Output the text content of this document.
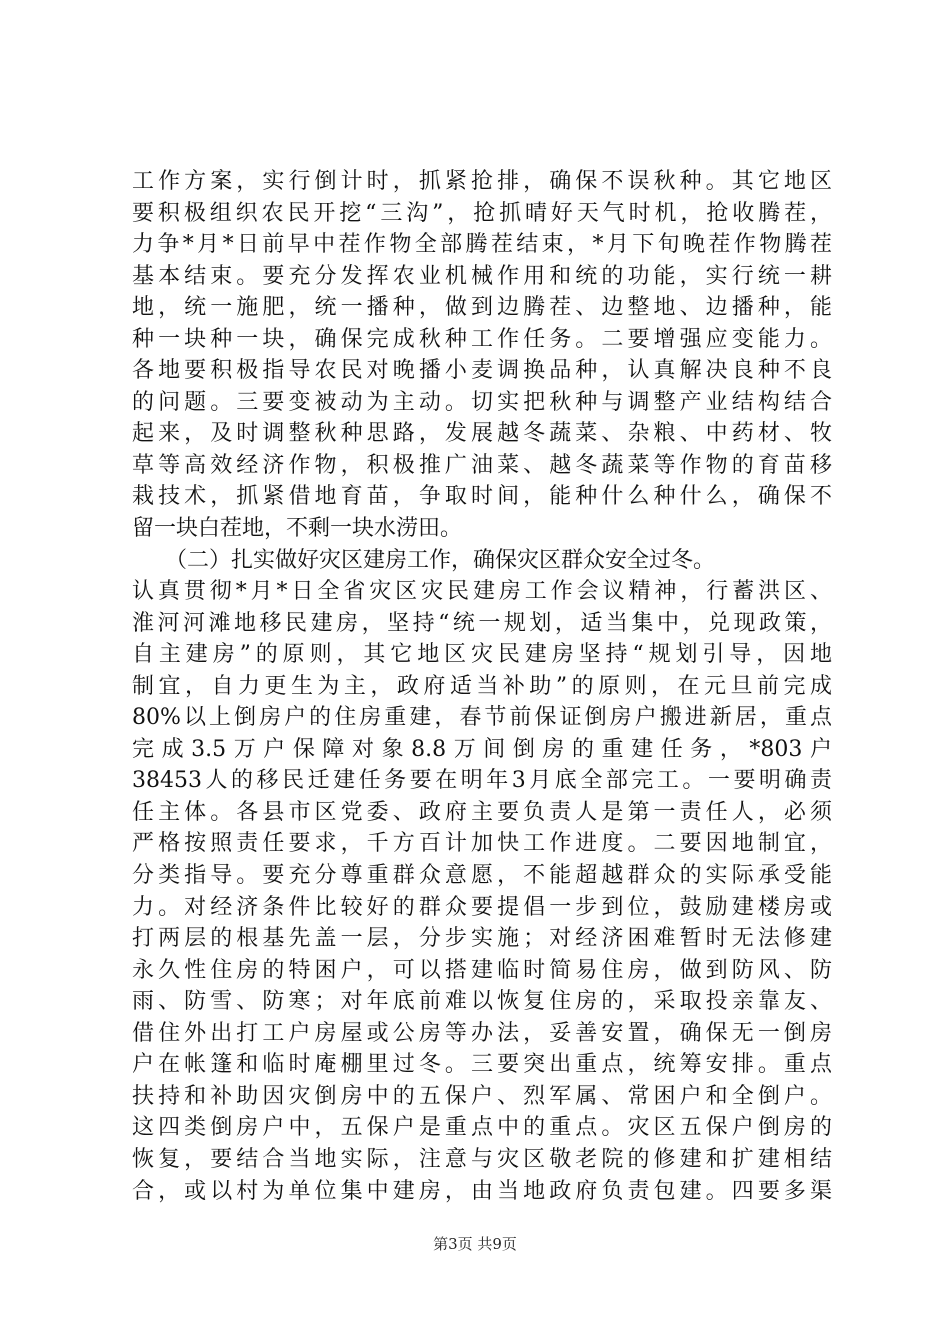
工作方案，实行倒计时，抓紧抢排，确保不误秋种。其它地区
要积极组织农民开挖“三沟”，抢抓晴好天气时机，抢收腾茬，
力争*月*日前早中茬作物全部腾茬结束，*月下旬晚茬作物腾茬
基本结束。要充分发挥农业机械作用和统的功能，实行统一耕
地，统一施肥，统一播种，做到边腾茬、边整地、边播种，能
种一块种一块，确保完成秋种工作任务。二要增强应变能力。
各地要积极指导农民对晚播小麦调换品种，认真解决良种不良
的问题。三要变被动为主动。切实把秋种与调整产业结构结合
起来，及时调整秋种思路，发展越冬蔬菜、杂粮、中药材、牧
草等高效经济作物，积极推广油菜、越冬蔬菜等作物的育苗移
栽技术，抓紧借地育苗，争取时间，能种什么种什么，确保不
留一块白茬地，不剩一块水涝田。
　　（二）扎实做好灾区建房工作，确保灾区群众安全过冬。
认真贯彻*月*日全省灾区灾民建房工作会议精神，行蓄洪区、
淮河河滩地移民建房，坚持“统一规划，适当集中，兑现政策，
自主建房”的原则，其它地区灾民建房坚持“规划引导，因地
制宜，自力更生为主，政府适当补助”的原则，在元旦前完成
80%以上倒房户的住房重建，春节前保证倒房户搬进新居，重点
完成3.5万户保障对象8.8万间倒房的重建任务，*803户
38453人的移民迁建任务要在明年3月底全部完工。一要明确责
任主体。各县市区党委、政府主要负责人是第一责任人，必须
严格按照责任要求，千方百计加快工作进度。二要因地制宜，
分类指导。要充分尊重群众意愿，不能超越群众的实际承受能
力。对经济条件比较好的群众要提倡一步到位，鼓励建楼房或
打两层的根基先盖一层，分步实施；对经济困难暂时无法修建
永久性住房的特困户，可以搭建临时简易住房，做到防风、防
雨、防雪、防寒；对年底前难以恢复住房的，采取投亲靠友、
借住外出打工户房屋或公房等办法，妥善安置，确保无一倒房
户在帐篷和临时庵棚里过冬。三要突出重点，统筹安排。重点
扶持和补助因灾倒房中的五保户、烈军属、常困户和全倒户。
这四类倒房户中，五保户是重点中的重点。灾区五保户倒房的
恢复，要结合当地实际，注意与灾区敬老院的修建和扩建相结
合，或以村为单位集中建房，由当地政府负责包建。四要多渠
第3页 共9页
